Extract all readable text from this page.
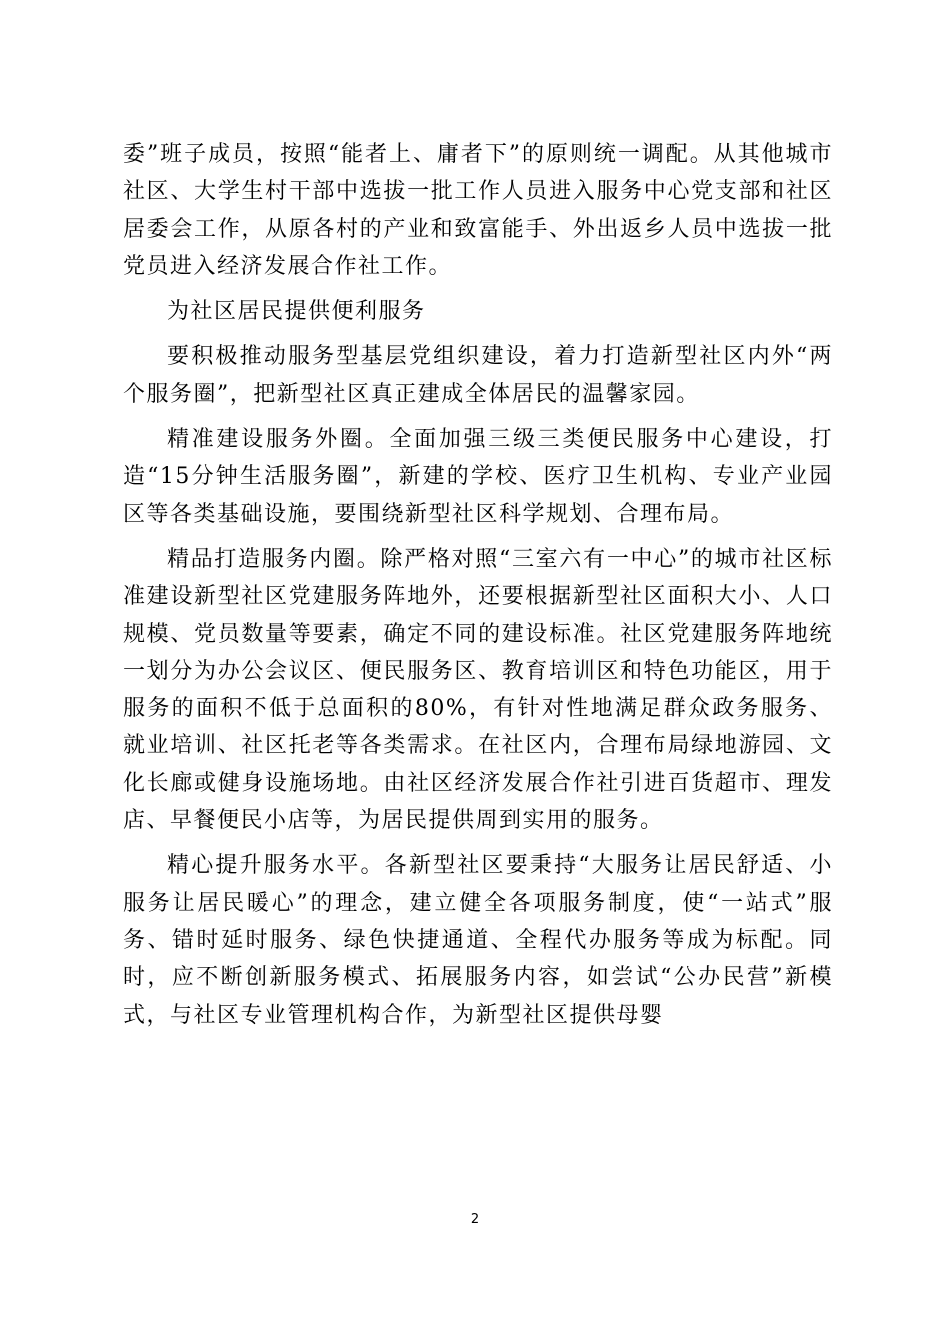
委”班子成员，按照“能者上、庸者下”的原则统一调配。从其他城市社区、大学生村干部中选拔一批工作人员进入服务中心党支部和社区居委会工作，从原各村的产业和致富能手、外出返乡人员中选拔一批党员进入经济发展合作社工作。

为社区居民提供便利服务

要积极推动服务型基层党组织建设，着力打造新型社区内外“两个服务圈”，把新型社区真正建成全体居民的温馨家园。

精准建设服务外圈。全面加强三级三类便民服务中心建设，打造“15分钟生活服务圈”，新建的学校、医疗卫生机构、专业产业园区等各类基础设施，要围绕新型社区科学规划、合理布局。

精品打造服务内圈。除严格对照“三室六有一中心”的城市社区标准建设新型社区党建服务阵地外，还要根据新型社区面积大小、人口规模、党员数量等要素，确定不同的建设标准。社区党建服务阵地统一划分为办公会议区、便民服务区、教育培训区和特色功能区，用于服务的面积不低于总面积的80%，有针对性地满足群众政务服务、就业培训、社区托老等各类需求。在社区内，合理布局绿地游园、文化长廊或健身设施场地。由社区经济发展合作社引进百货超市、理发店、早餐便民小店等，为居民提供周到实用的服务。

精心提升服务水平。各新型社区要秉持“大服务让居民舒适、小服务让居民暖心”的理念，建立健全各项服务制度，使“一站式”服务、错时延时服务、绿色快捷通道、全程代办服务等成为标配。同时，应不断创新服务模式、拓展服务内容，如尝试“公办民营”新模式，与社区专业管理机构合作，为新型社区提供母婴

2
